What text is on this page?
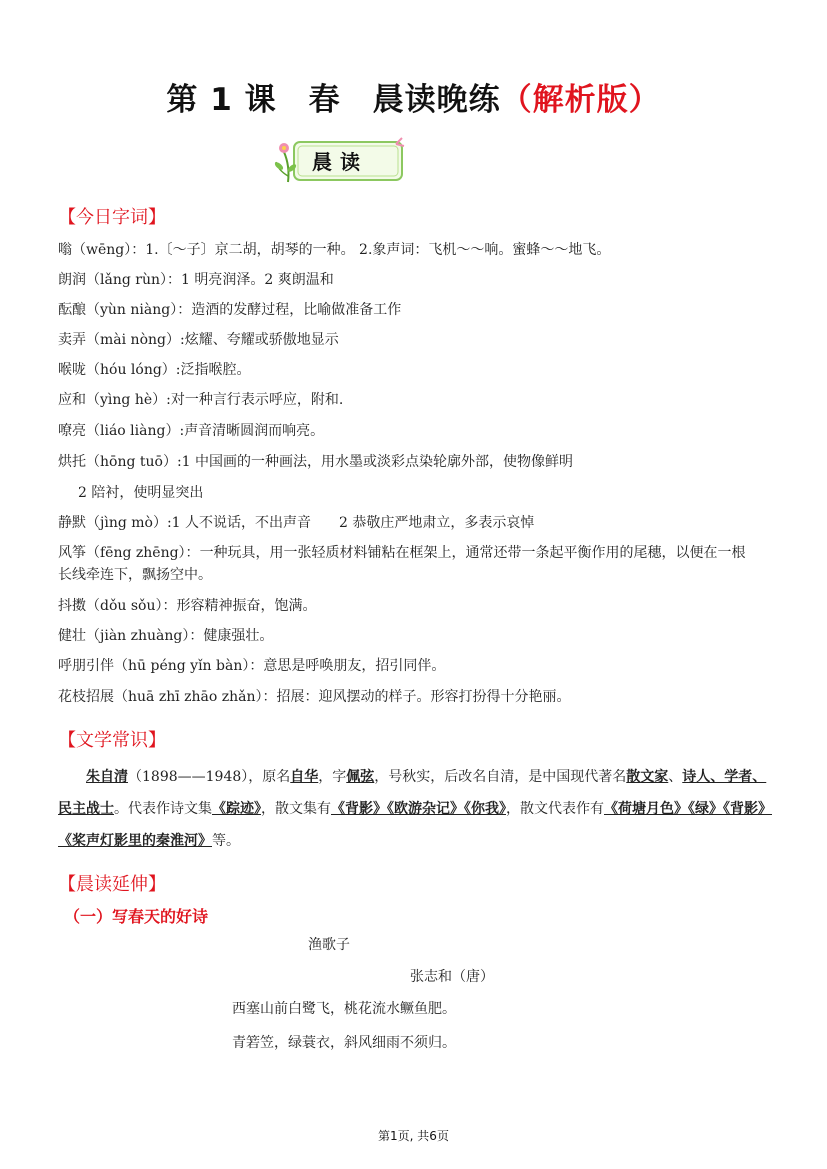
第 1 课　春　晨读晚练（解析版）
晨读
【今日字词】
嗡（wēng）：1.〔～子〕京二胡，胡琴的一种。 2.象声词：飞机～～响。蜜蜂～～地飞。
朗润（lǎng rùn）：1 明亮润泽。2 爽朗温和
酝酿（yùn niàng）：造酒的发酵过程，比喻做准备工作
卖弄（mài nòng）:炫耀、夸耀或骄傲地显示
喉咙（hóu lóng）:泛指喉腔。
应和（yìng hè）:对一种言行表示呼应，附和.
嘹亮（liáo liàng）:声音清晰圆润而响亮。
烘托（hōng tuō）:1 中国画的一种画法，用水墨或淡彩点染轮廓外部，使物像鲜明
2 陪衬，使明显突出
静默（jìng mò）:1 人不说话，不出声音　　2 恭敬庄严地肃立，多表示哀悼
风筝（fēng zhēng）：一种玩具，用一张轻质材料铺粘在框架上，通常还带一条起平衡作用的尾穗，以便在一根
长线牵连下，飘扬空中。
抖擞（dǒu sǒu）：形容精神振奋，饱满。
健壮（jiàn zhuàng）：健康强壮。
呼朋引伴（hū péng yǐn bàn）：意思是呼唤朋友，招引同伴。
花枝招展（huā zhī zhāo zhǎn）：招展：迎风摆动的样子。形容打扮得十分艳丽。
【文学常识】
朱自清（1898——1948），原名自华，字佩弦，号秋实，后改名自清，是中国现代著名散文家、诗人、学者、民主战士。代表作诗文集《踪迹》，散文集有《背影》《欧游杂记》《你我》，散文代表作有《荷塘月色》《绿》《背影》《桨声灯影里的秦淮河》等。
【晨读延伸】
（一）写春天的好诗
渔歌子
张志和（唐）
西塞山前白鹭飞，桃花流水鳜鱼肥。
青箬笠，绿蓑衣，斜风细雨不须归。
第1页, 共6页
